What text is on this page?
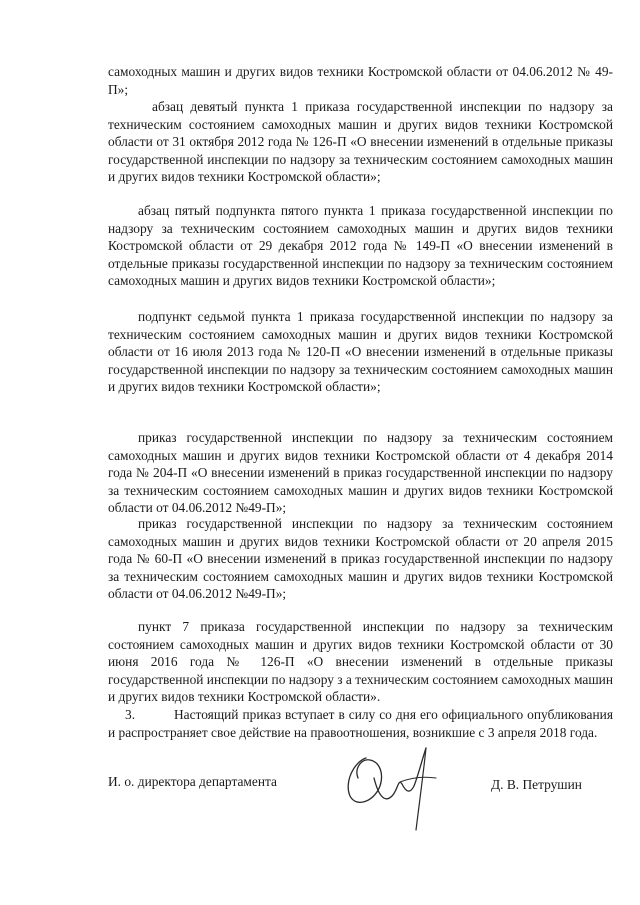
самоходных машин и других видов техники Костромской области от 04.06.2012 № 49-П»;

абзац девятый пункта 1 приказа государственной инспекции по надзору за техническим состоянием самоходных машин и других видов техники Костромской области от 31 октября 2012 года № 126-П «О внесении изменений в отдельные приказы государственной инспекции по надзору за техническим состоянием самоходных машин и других видов техники Костромской области»;

абзац пятый подпункта пятого пункта 1 приказа государственной инспекции по надзору за техническим состоянием самоходных машин и других видов техники Костромской области от 29 декабря 2012 года № 149-П «О внесении изменений в отдельные приказы государственной инспекции по надзору за техническим состоянием самоходных машин и других видов техники Костромской области»;

подпункт седьмой пункта 1 приказа государственной инспекции по надзору за техническим состоянием самоходных машин и других видов техники Костромской области от 16 июля 2013 года № 120-П «О внесении изменений в отдельные приказы государственной инспекции по надзору за техническим состоянием самоходных машин и других видов техники Костромской области»;

приказ государственной инспекции по надзору за техническим состоянием самоходных машин и других видов техники Костромской области от 4 декабря 2014 года № 204-П «О внесении изменений в приказ государственной инспекции по надзору за техническим состоянием самоходных машин и других видов техники Костромской области от 04.06.2012 №49-П»;

приказ государственной инспекции по надзору за техническим состоянием самоходных машин и других видов техники Костромской области от 20 апреля 2015 года № 60-П «О внесении изменений в приказ государственной инспекции по надзору за техническим состоянием самоходных машин и других видов техники Костромской области от 04.06.2012 №49-П»;

пункт 7 приказа государственной инспекции по надзору за техническим состоянием самоходных машин и других видов техники Костромской области от 30 июня 2016 года № 126-П «О внесении изменений в отдельные приказы государственной инспекции по надзору з а техническим состоянием самоходных машин и других видов техники Костромской области».

3.	Настоящий приказ вступает в силу со дня его официального опубликования и распространяет свое действие на правоотношения, возникшие с 3 апреля 2018 года.

И. о. директора департамента	Д. В. Петрушин
